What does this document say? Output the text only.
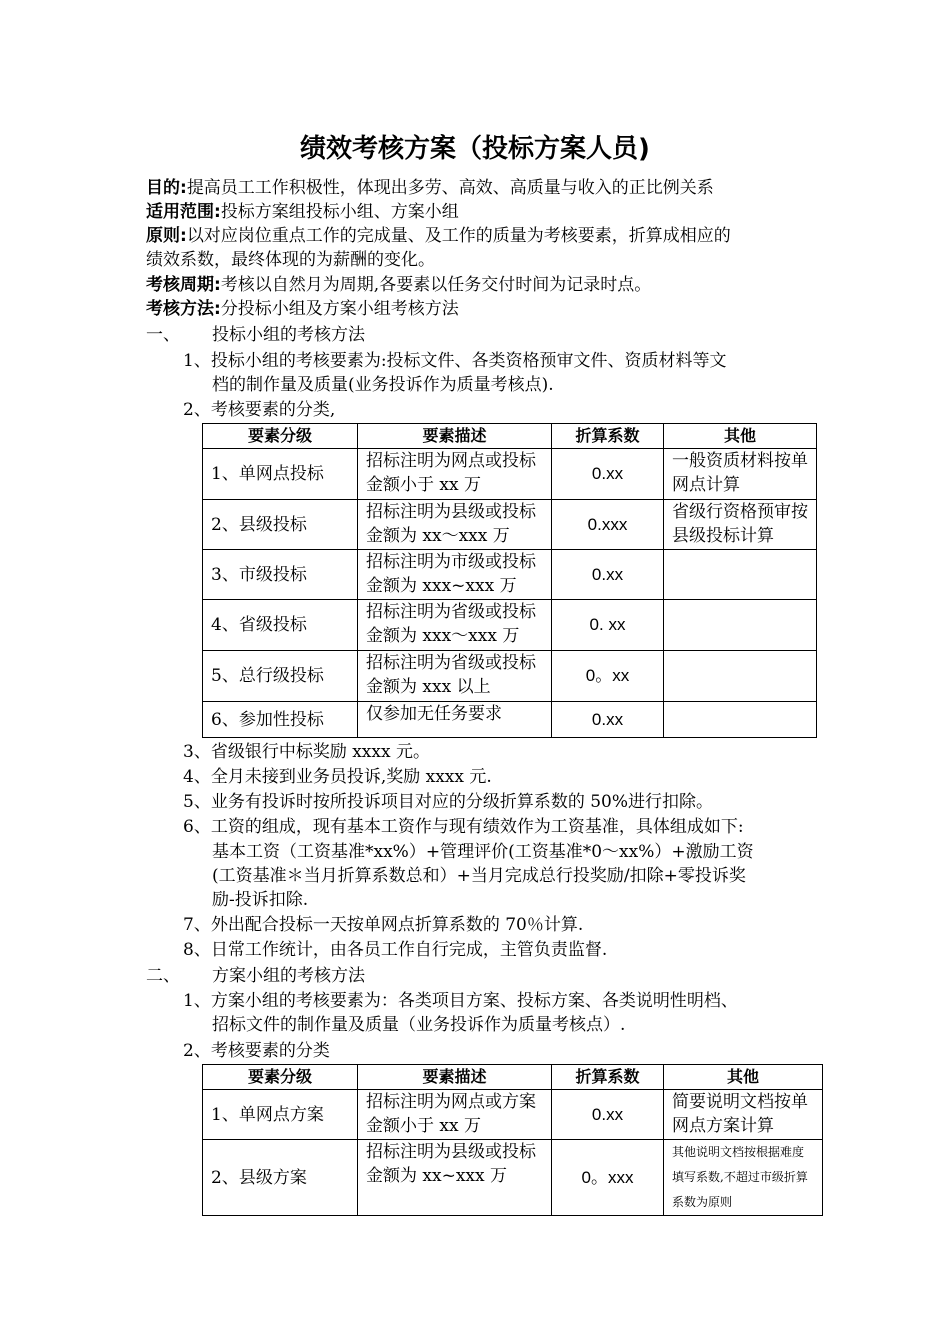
绩效考核方案（投标方案人员)
目的:提高员工工作积极性，体现出多劳、高效、高质量与收入的正比例关系
适用范围:投标方案组投标小组、方案小组
原则:以对应岗位重点工作的完成量、及工作的质量为考核要素，折算成相应的
绩效系数，最终体现的为薪酬的变化。
考核周期:考核以自然月为周期,各要素以任务交付时间为记录时点。
考核方法:分投标小组及方案小组考核方法
一、 投标小组的考核方法
1、投标小组的考核要素为:投标文件、各类资格预审文件、资质材料等文
档的制作量及质量(业务投诉作为质量考核点).
2、考核要素的分类,
要素分级	要素描述	折算系数	其他
1、单网点投标	招标注明为网点或投标金额小于 xx 万	0.xx	一般资质材料按单网点计算
2、县级投标	招标注明为县级或投标金额为 xx～xxx 万	0.xxx	省级行资格预审按县级投标计算
3、市级投标	招标注明为市级或投标金额为 xxx~xxx 万	0.xx	
4、省级投标	招标注明为省级或投标金额为 xxx～xxx 万	0. xx	
5、总行级投标	招标注明为省级或投标金额为 xxx 以上	0。xx	
6、参加性投标	仅参加无任务要求	0.xx	
3、省级银行中标奖励 xxxx 元。
4、全月未接到业务员投诉,奖励 xxxx 元.
5、业务有投诉时按所投诉项目对应的分级折算系数的 50%进行扣除。
6、工资的组成，现有基本工资作与现有绩效作为工资基准，具体组成如下:
基本工资（工资基准*xx%）+管理评价(工资基准*0～xx%）+激励工资
(工资基准＊当月折算系数总和）+当月完成总行投奖励/扣除+零投诉奖
励-投诉扣除.
7、外出配合投标一天按单网点折算系数的 70％计算.
8、日常工作统计，由各员工作自行完成，主管负责监督.
二、 方案小组的考核方法
1、方案小组的考核要素为：各类项目方案、投标方案、各类说明性明档、
招标文件的制作量及质量（业务投诉作为质量考核点）.
2、考核要素的分类
要素分级	要素描述	折算系数	其他
1、单网点方案	招标注明为网点或方案金额小于 xx 万	0.xx	简要说明文档按单网点方案计算
2、县级方案	招标注明为县级或投标金额为 xx~xxx 万	0。xxx	其他说明文档按根据难度填写系数,不超过市级折算系数为原则
